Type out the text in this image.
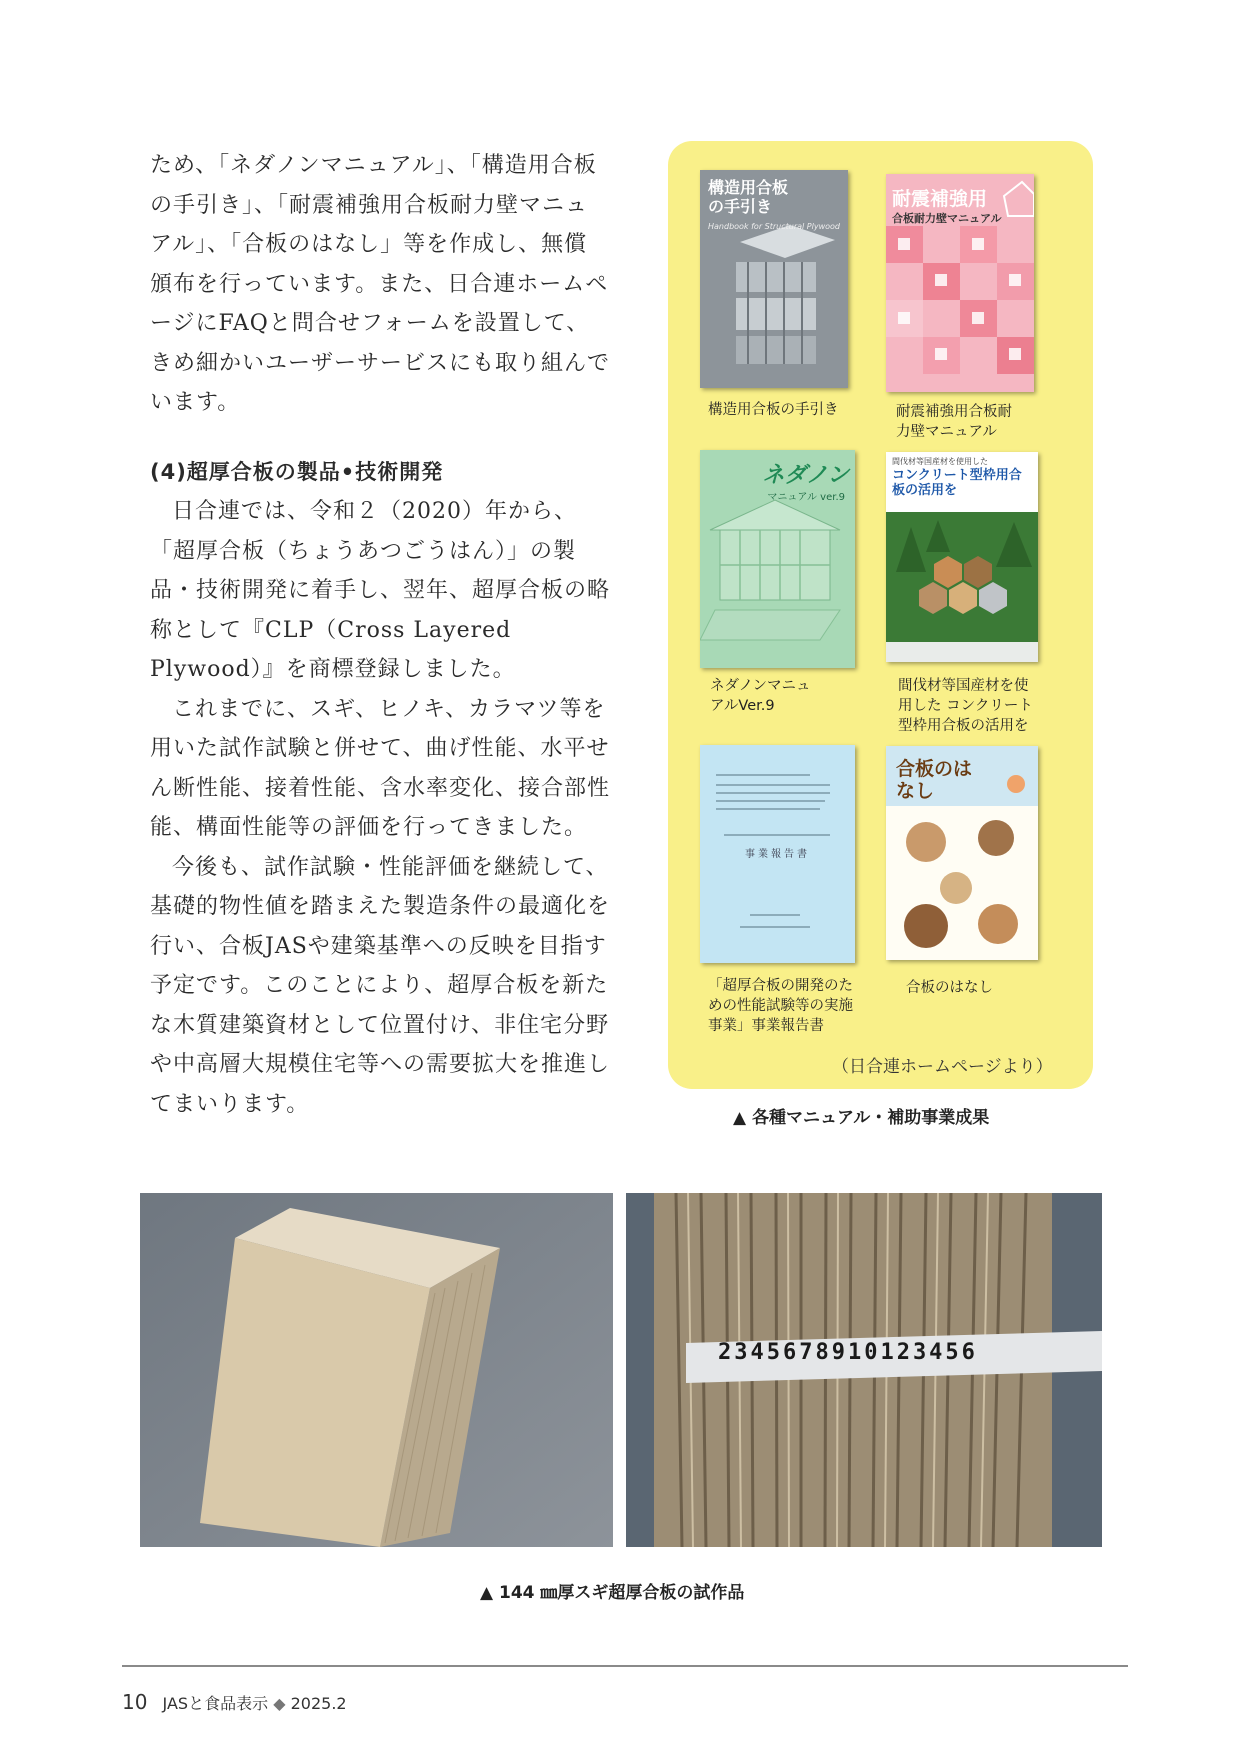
ため、「ネダノンマニュアル」、「構造用合板の手引き」、「耐震補強用合板耐力壁マニュアル」、「合板のはなし」等を作成し、無償頒布を行っています。また、日合連ホームページにFAQと問合せフォームを設置して、きめ細かいユーザーサービスにも取り組んでいます。

(4)超厚合板の製品•技術開発

日合連では、令和２（2020）年から、「超厚合板（ちょうあつごうはん）」の製品・技術開発に着手し、翌年、超厚合板の略称として『CLP（Cross Layered Plywood）』を商標登録しました。

これまでに、スギ、ヒノキ、カラマツ等を用いた試作試験と併せて、曲げ性能、水平せん断性能、接着性能、含水率変化、接合部性能、構面性能等の評価を行ってきました。

今後も、試作試験・性能評価を継続して、基礎的物性値を踏まえた製造条件の最適化を行い、合板JASや建築基準への反映を目指す予定です。このことにより、超厚合板を新たな木質建築資材として位置付け、非住宅分野や中高層大規模住宅等への需要拡大を推進してまいります。

構造用合板の手引き
Handbook for Structural Plywood
構造用合板の手引き
耐震補強用
合板耐力壁マニュアル
耐震補強用合板耐力壁マニュアル
ネダノン
マニュアル ver.9
ネダノンマニュアルVer.9
間伐材等国産材を使用した
コンクリート型枠用合板の活用を
間伐材等国産材を使用した コンクリート型枠用合板の活用を
事業報告書
「超厚合板の開発のための性能試験等の実施事業」事業報告書
合板のはなし
合板のはなし
（日合連ホームページより）
▲ 各種マニュアル・補助事業成果
2345678910123456
▲ 144 ㎜厚スギ超厚合板の試作品
10 JASと食品表示 ◆ 2025.2
